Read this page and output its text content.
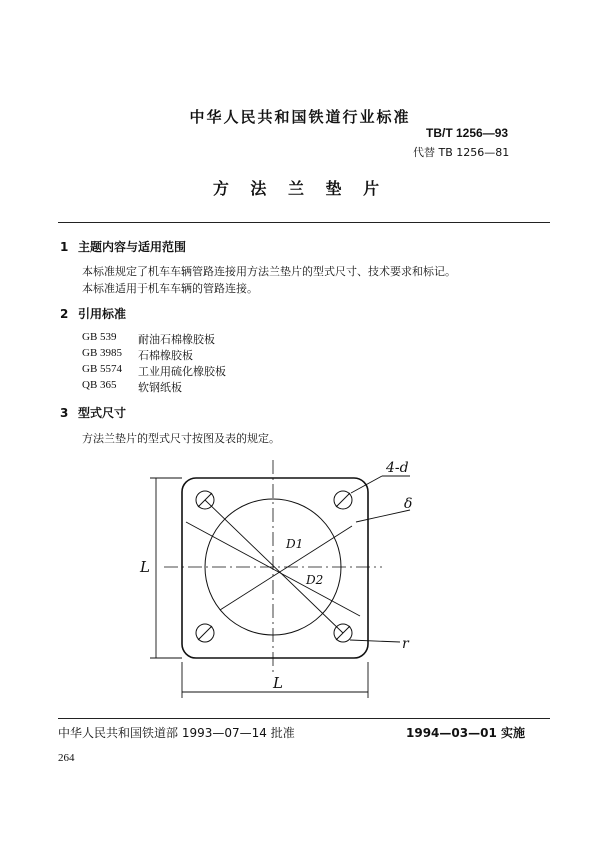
中华人民共和国铁道行业标准
TB/T 1256—93
代替 TB 1256—81
方 法 兰 垫 片
1 主题内容与适用范围
本标准规定了机车车辆管路连接用方法兰垫片的型式尺寸、技术要求和标记。
本标准适用于机车车辆的管路连接。
2 引用标准
GB 539 耐油石棉橡胶板
GB 3985 石棉橡胶板
GB 5574 工业用硫化橡胶板
QB 365 软钢纸板
3 型式尺寸
方法兰垫片的型式尺寸按图及表的规定。
4-d
δ
D1
D2
r
L
L
中华人民共和国铁道部 1993—07—14 批准	1994—03—01 实施
264
